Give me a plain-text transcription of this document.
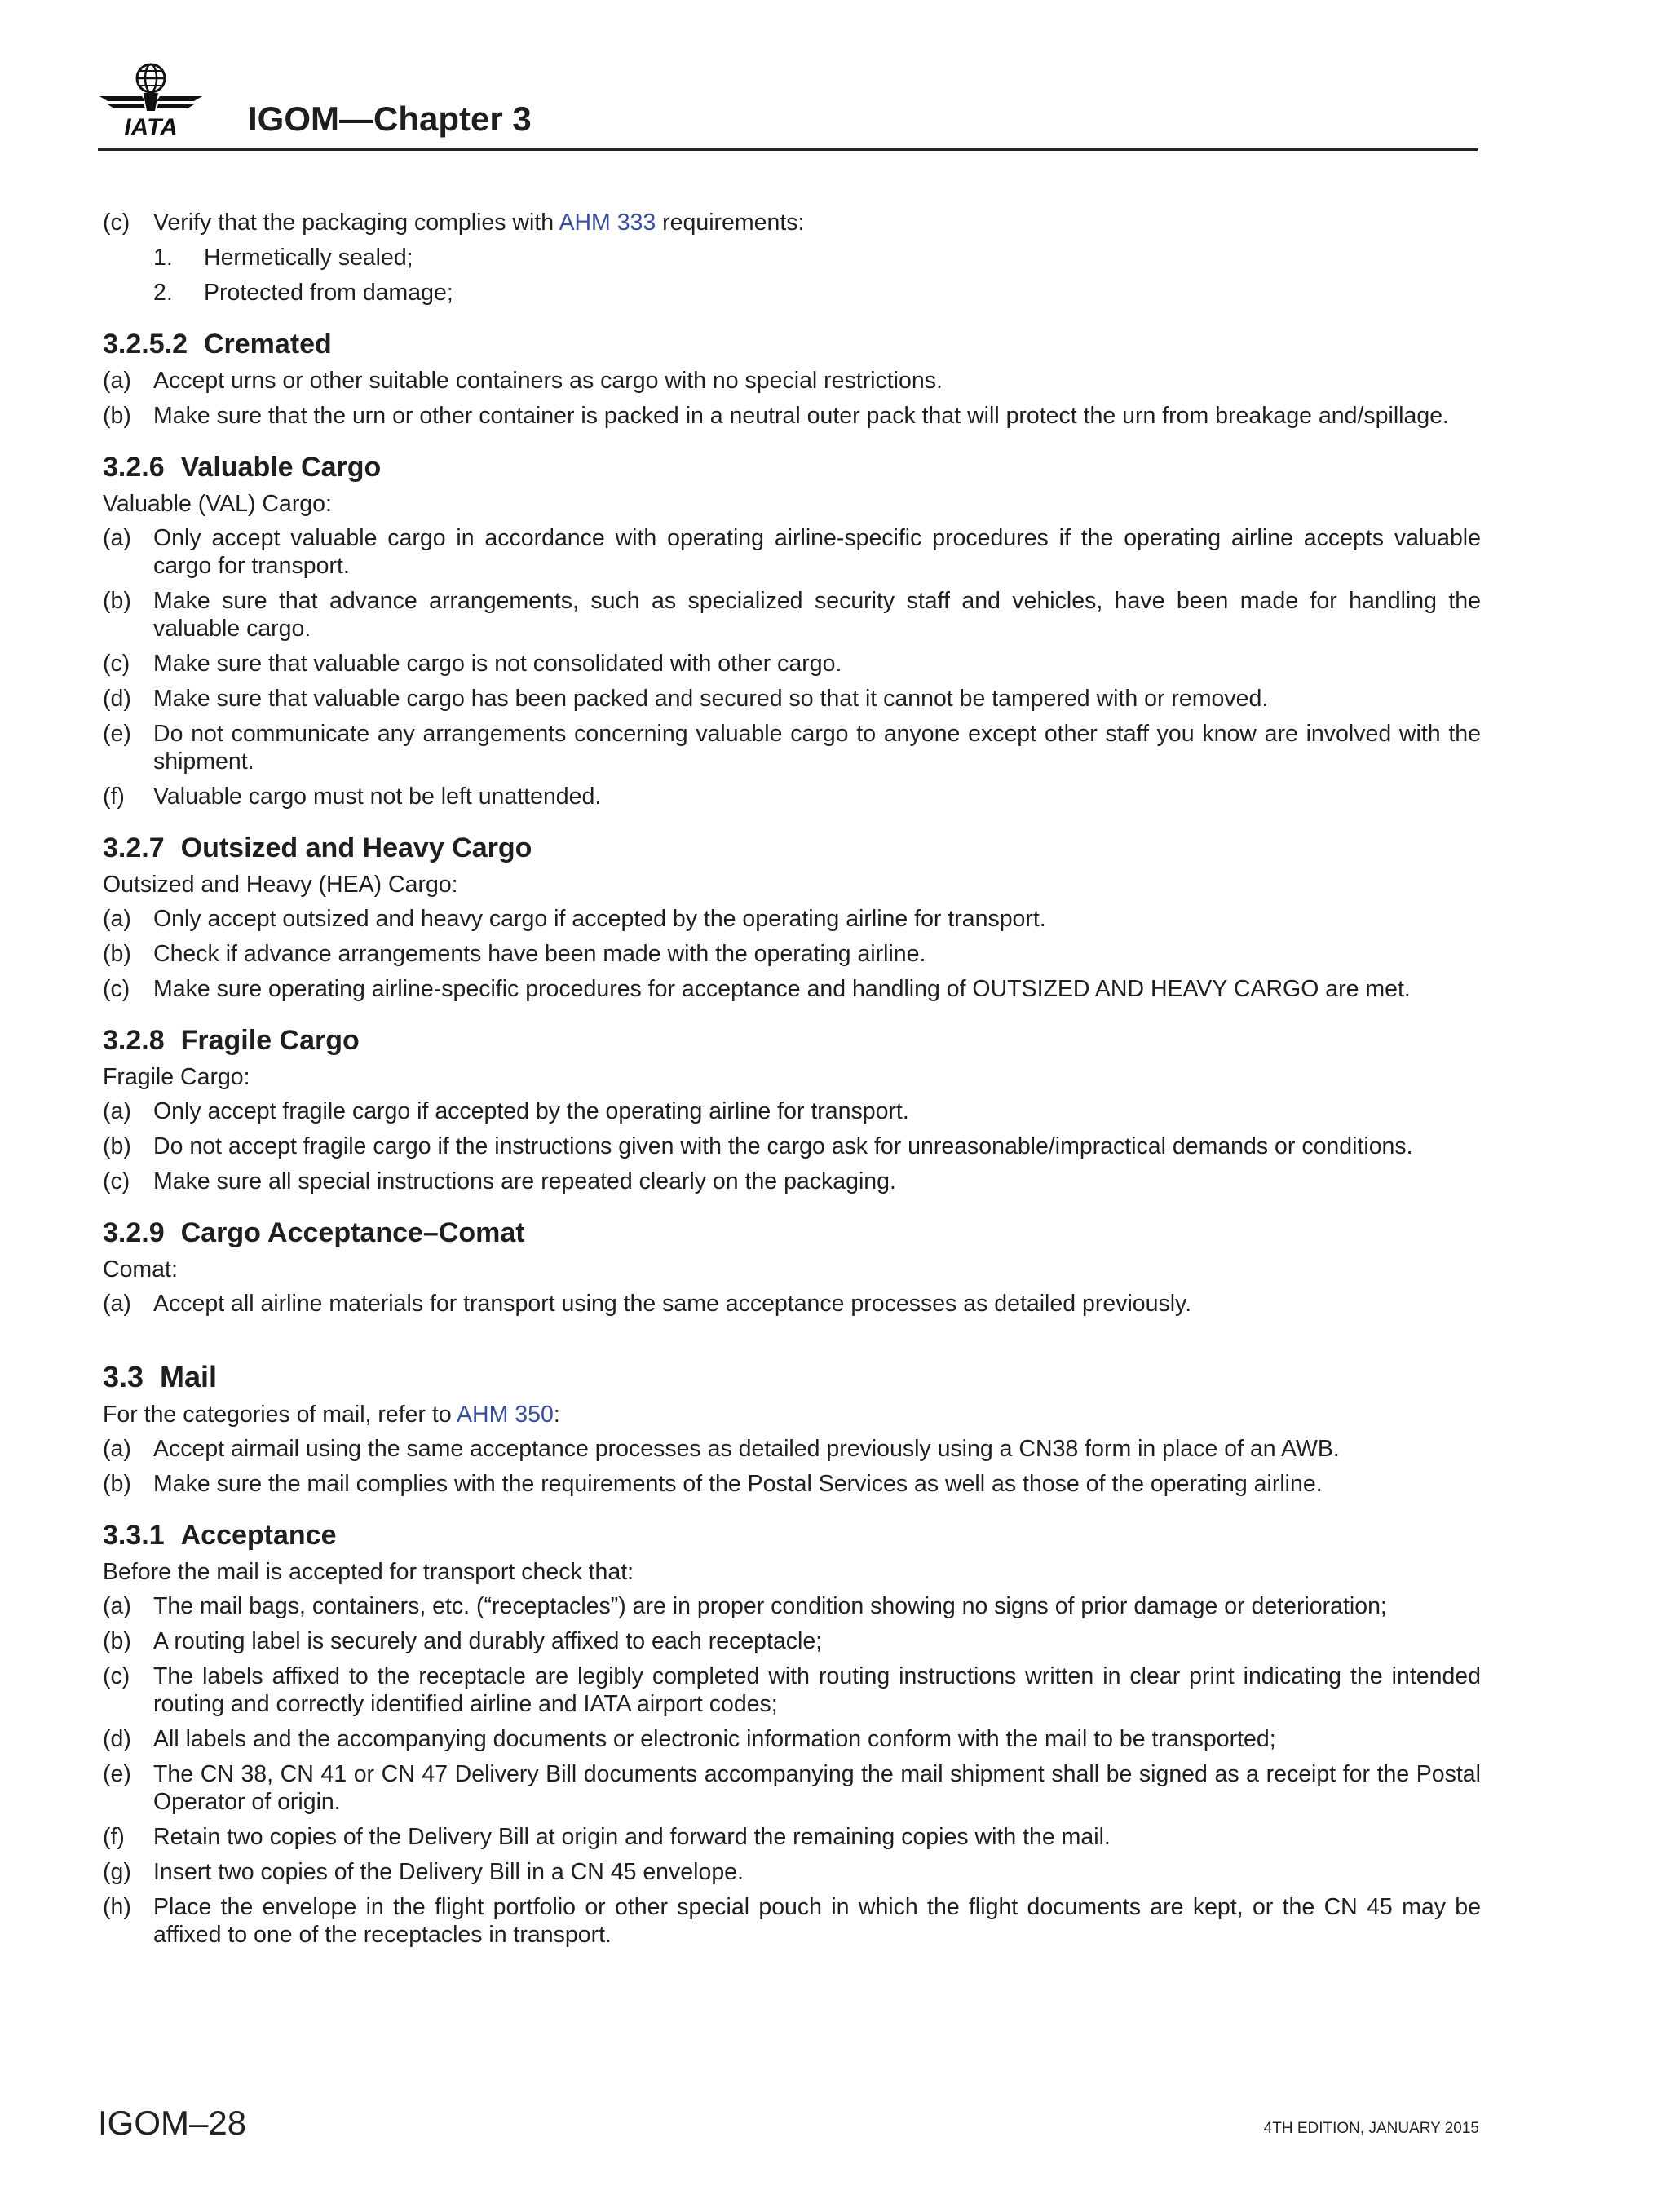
IATA IGOM—Chapter 3
(c) Verify that the packaging complies with AHM 333 requirements:
1. Hermetically sealed;
2. Protected from damage;
3.2.5.2 Cremated
(a) Accept urns or other suitable containers as cargo with no special restrictions.
(b) Make sure that the urn or other container is packed in a neutral outer pack that will protect the urn from breakage and/spillage.
3.2.6 Valuable Cargo
Valuable (VAL) Cargo:
(a) Only accept valuable cargo in accordance with operating airline-specific procedures if the operating airline accepts valuable cargo for transport.
(b) Make sure that advance arrangements, such as specialized security staff and vehicles, have been made for handling the valuable cargo.
(c) Make sure that valuable cargo is not consolidated with other cargo.
(d) Make sure that valuable cargo has been packed and secured so that it cannot be tampered with or removed.
(e) Do not communicate any arrangements concerning valuable cargo to anyone except other staff you know are involved with the shipment.
(f) Valuable cargo must not be left unattended.
3.2.7 Outsized and Heavy Cargo
Outsized and Heavy (HEA) Cargo:
(a) Only accept outsized and heavy cargo if accepted by the operating airline for transport.
(b) Check if advance arrangements have been made with the operating airline.
(c) Make sure operating airline-specific procedures for acceptance and handling of OUTSIZED AND HEAVY CARGO are met.
3.2.8 Fragile Cargo
Fragile Cargo:
(a) Only accept fragile cargo if accepted by the operating airline for transport.
(b) Do not accept fragile cargo if the instructions given with the cargo ask for unreasonable/impractical demands or conditions.
(c) Make sure all special instructions are repeated clearly on the packaging.
3.2.9 Cargo Acceptance–Comat
Comat:
(a) Accept all airline materials for transport using the same acceptance processes as detailed previously.
3.3 Mail
For the categories of mail, refer to AHM 350:
(a) Accept airmail using the same acceptance processes as detailed previously using a CN38 form in place of an AWB.
(b) Make sure the mail complies with the requirements of the Postal Services as well as those of the operating airline.
3.3.1 Acceptance
Before the mail is accepted for transport check that:
(a) The mail bags, containers, etc. (“receptacles”) are in proper condition showing no signs of prior damage or deterioration;
(b) A routing label is securely and durably affixed to each receptacle;
(c) The labels affixed to the receptacle are legibly completed with routing instructions written in clear print indicating the intended routing and correctly identified airline and IATA airport codes;
(d) All labels and the accompanying documents or electronic information conform with the mail to be transported;
(e) The CN 38, CN 41 or CN 47 Delivery Bill documents accompanying the mail shipment shall be signed as a receipt for the Postal Operator of origin.
(f) Retain two copies of the Delivery Bill at origin and forward the remaining copies with the mail.
(g) Insert two copies of the Delivery Bill in a CN 45 envelope.
(h) Place the envelope in the flight portfolio or other special pouch in which the flight documents are kept, or the CN 45 may be affixed to one of the receptacles in transport.
IGOM–28	4TH EDITION, JANUARY 2015
